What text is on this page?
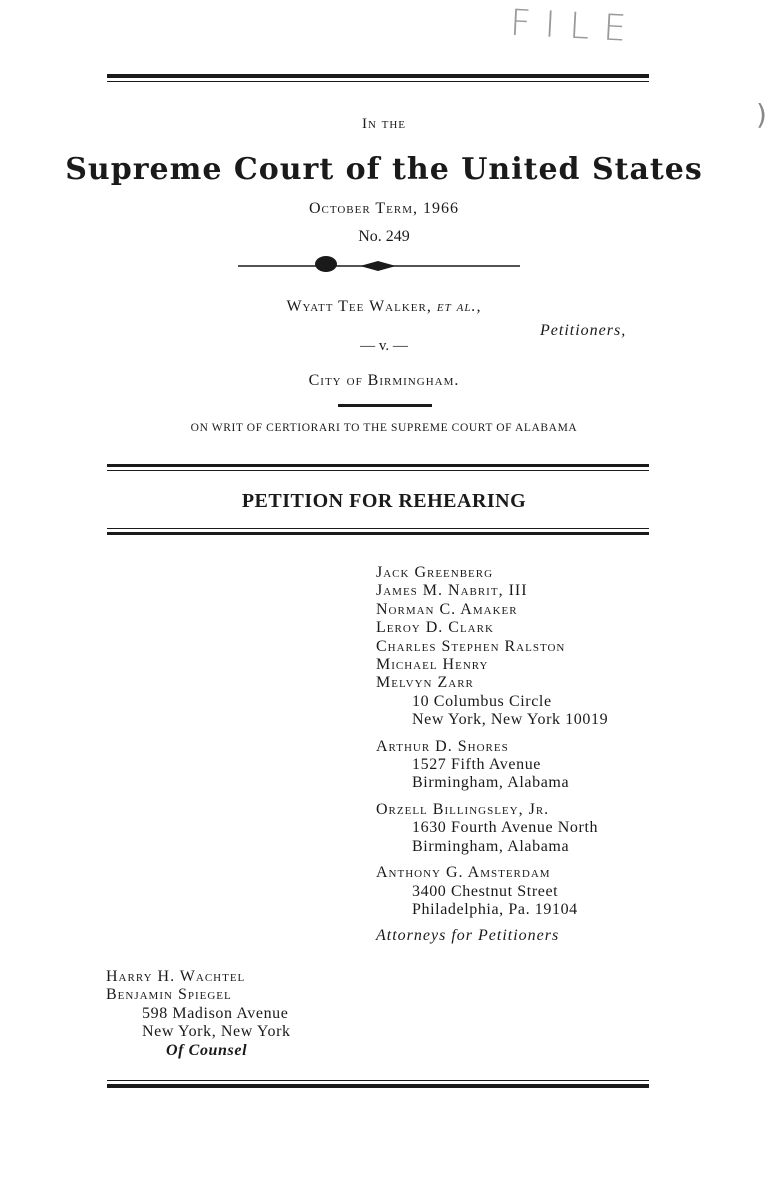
FILE
)
In the
Supreme Court of the United States
October Term, 1966
No. 249
Wyatt Tee Walker, et al.,
Petitioners,
— v. —
City of Birmingham.
ON WRIT OF CERTIORARI TO THE SUPREME COURT OF ALABAMA
PETITION FOR REHEARING
Jack Greenberg
James M. Nabrit, III
Norman C. Amaker
Leroy D. Clark
Charles Stephen Ralston
Michael Henry
Melvyn Zarr
10 Columbus Circle
New York, New York 10019
Arthur D. Shores
1527 Fifth Avenue
Birmingham, Alabama
Orzell Billingsley, Jr.
1630 Fourth Avenue North
Birmingham, Alabama
Anthony G. Amsterdam
3400 Chestnut Street
Philadelphia, Pa. 19104
Attorneys for Petitioners
Harry H. Wachtel
Benjamin Spiegel
598 Madison Avenue
New York, New York
Of Counsel
